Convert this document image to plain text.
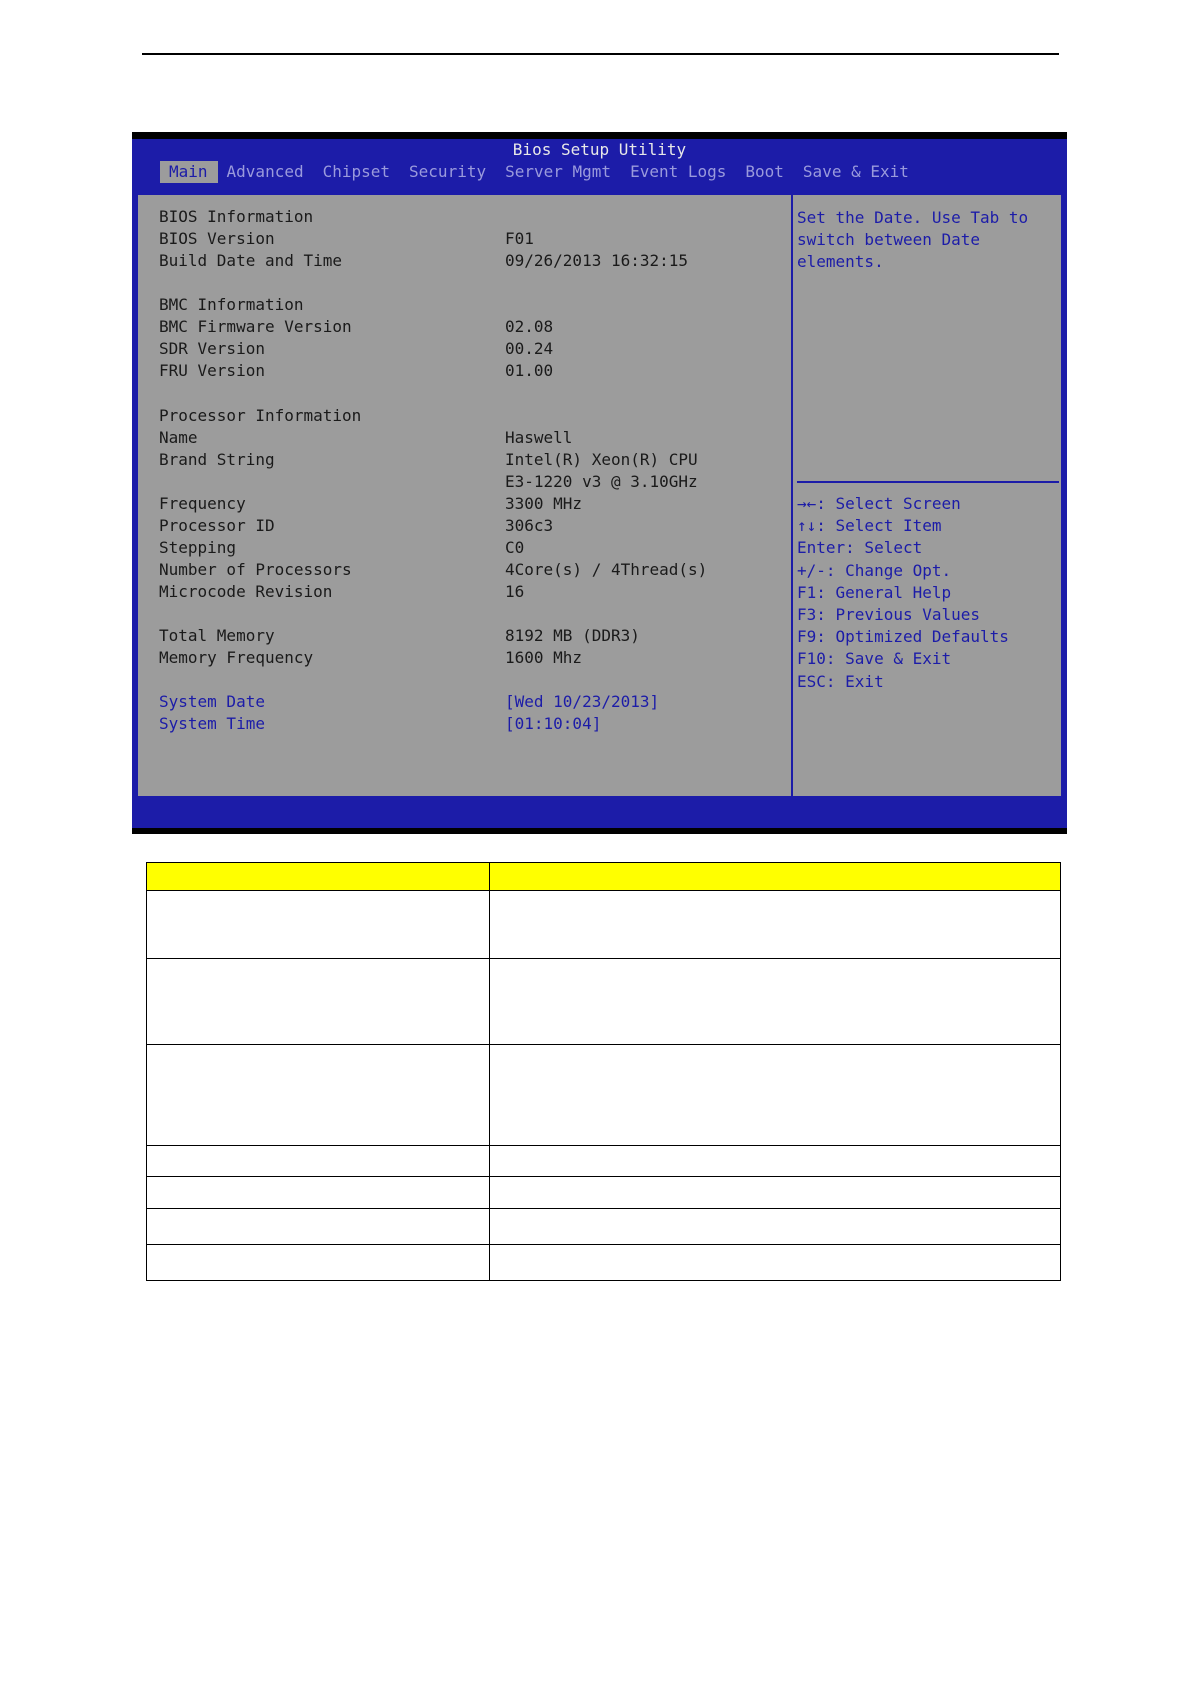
Bios Setup Utility
Main	Advanced	Chipset	Security	Server Mgmt	Event Logs	Boot	Save & Exit
BIOS Information
BIOS Version	F01
Build Date and Time	09/26/2013 16:32:15
BMC Information
BMC Firmware Version	02.08
SDR Version	00.24
FRU Version	01.00
Processor Information
Name	Haswell
Brand String	Intel(R) Xeon(R) CPU
E3-1220 v3 @ 3.10GHz
Frequency	3300 MHz
Processor ID	306c3
Stepping	C0
Number of Processors	4Core(s) / 4Thread(s)
Microcode Revision	16
Total Memory	8192 MB (DDR3)
Memory Frequency	1600 Mhz
System Date	[Wed 10/23/2013]
System Time	[01:10:04]
Set the Date. Use Tab to
switch between Date
elements.
→←: Select Screen
↑↓: Select Item
Enter: Select
+/-: Change Opt.
F1: General Help
F3: Previous Values
F9: Optimized Defaults
F10: Save & Exit
ESC: Exit
